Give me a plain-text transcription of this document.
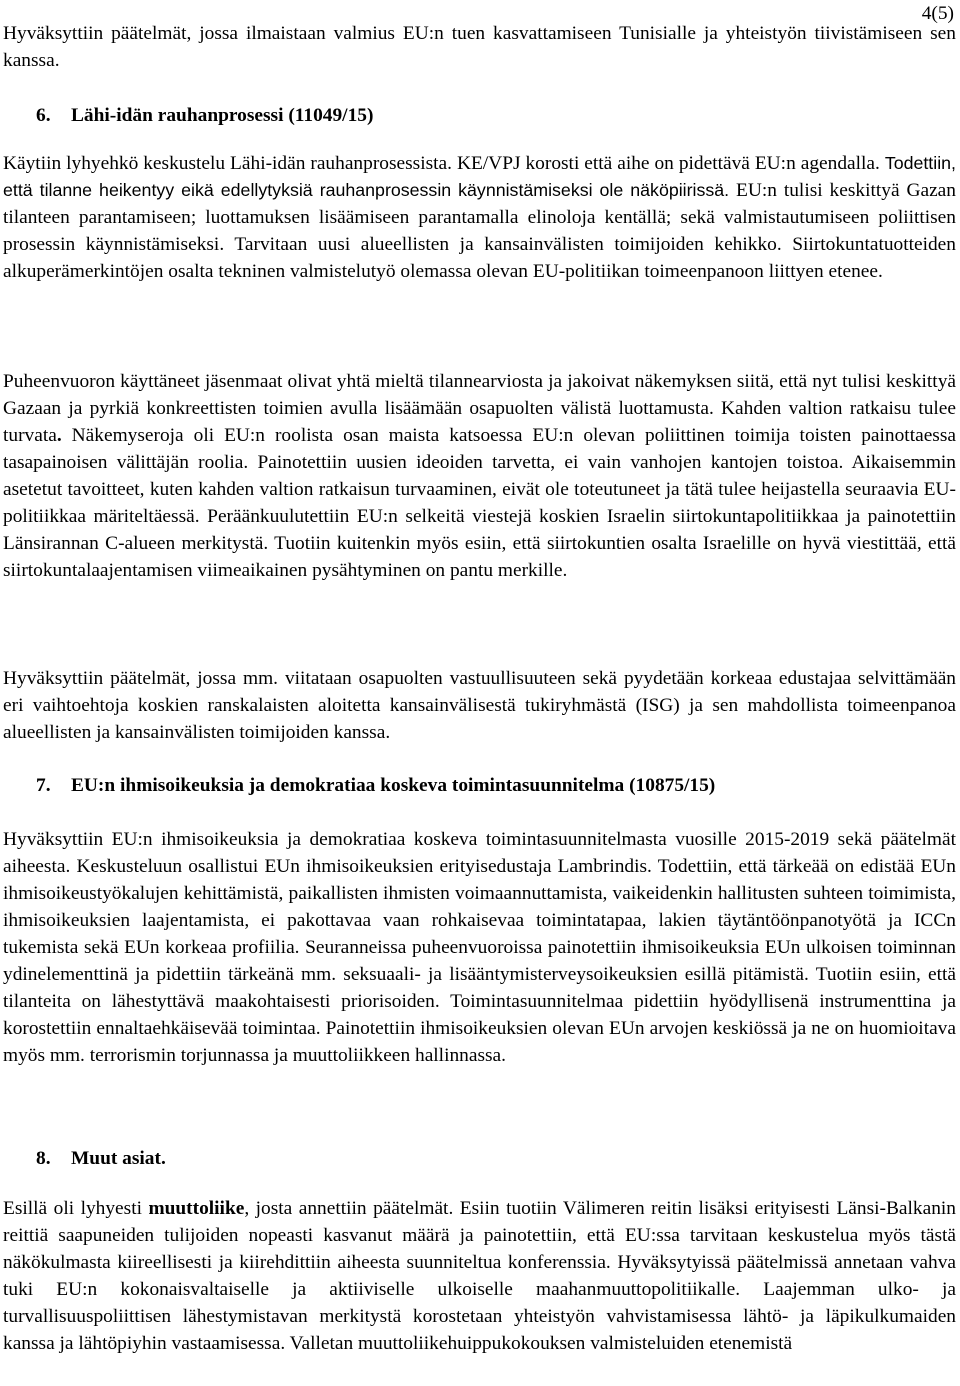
4(5)

Hyväksyttiin päätelmät, jossa ilmaistaan valmius EU:n tuen kasvattamiseen Tunisialle ja yhteistyön tiivistämiseen sen kanssa.

6. Lähi-idän rauhanprosessi (11049/15)

Käytiin lyhyehkö keskustelu Lähi-idän rauhanprosessista. KE/VPJ korosti että aihe on pidettävä EU:n agendalla. Todettiin, että tilanne heikentyy eikä edellytyksiä rauhanprosessin käynnistämiseksi ole näköpiirissä. EU:n tulisi keskittyä Gazan tilanteen parantamiseen; luottamuksen lisäämiseen parantamalla elinoloja kentällä; sekä valmistautumiseen poliittisen prosessin käynnistämiseksi. Tarvitaan uusi alueellisten ja kansainvälisten toimijoiden kehikko. Siirtokuntatuotteiden alkuperämerkintöjen osalta tekninen valmistelutyö olemassa olevan EU-politiikan toimeenpanoon liittyen etenee.

Puheenvuoron käyttäneet jäsenmaat olivat yhtä mieltä tilannearviosta ja jakoivat näkemyksen siitä, että nyt tulisi keskittyä Gazaan ja pyrkiä konkreettisten toimien avulla lisäämään osapuolten välistä luottamusta. Kahden valtion ratkaisu tulee turvata. Näkemyseroja oli EU:n roolista osan maista katsoessa EU:n olevan poliittinen toimija toisten painottaessa tasapainoisen välittäjän roolia. Painotettiin uusien ideoiden tarvetta, ei vain vanhojen kantojen toistoa. Aikaisemmin asetetut tavoitteet, kuten kahden valtion ratkaisun turvaaminen, eivät ole toteutuneet ja tätä tulee heijastella seuraavia EU-politiikkaa märiteltäessä. Peräänkuulutettiin EU:n selkeitä viestejä koskien Israelin siirtokuntapolitiikkaa ja painotettiin Länsirannan C-alueen merkitystä. Tuotiin kuitenkin myös esiin, että siirtokuntien osalta Israelille on hyvä viestittää, että siirtokuntalaajentamisen viimeaikainen pysähtyminen on pantu merkille.

Hyväksyttiin päätelmät, jossa mm. viitataan osapuolten vastuullisuuteen sekä pyydetään korkeaa edustajaa selvittämään eri vaihtoehtoja koskien ranskalaisten aloitetta kansainvälisestä tukiryhmästä (ISG) ja sen mahdollista toimeenpanoa alueellisten ja kansainvälisten toimijoiden kanssa.

7. EU:n ihmisoikeuksia ja demokratiaa koskeva toimintasuunnitelma (10875/15)

Hyväksyttiin EU:n ihmisoikeuksia ja demokratiaa koskeva toimintasuunnitelmasta vuosille 2015-2019 sekä päätelmät aiheesta. Keskusteluun osallistui EUn ihmisoikeuksien erityisedustaja Lambrindis. Todettiin, että tärkeää on edistää EUn ihmisoikeustyökalujen kehittämistä, paikallisten ihmisten voimaannuttamista, vaikeidenkin hallitusten suhteen toimimista, ihmisoikeuksien laajentamista, ei pakottavaa vaan rohkaisevaa toimintatapaa, lakien täytäntöönpanotyötä ja ICCn tukemista sekä EUn korkeaa profiilia. Seuranneissa puheenvuoroissa painotettiin ihmisoikeuksia EUn ulkoisen toiminnan ydinelementtinä ja pidettiin tärkeänä mm. seksuaali- ja lisääntymisterveysoikeuksien esillä pitämistä. Tuotiin esiin, että tilanteita on lähestyttävä maakohtaisesti priorisoiden. Toimintasuunnitelmaa pidettiin hyödyllisenä instrumenttina ja korostettiin ennaltaehkäisevää toimintaa. Painotettiin ihmisoikeuksien olevan EUn arvojen keskiössä ja ne on huomioitava myös mm. terrorismin torjunnassa ja muuttoliikkeen hallinnassa.

8. Muut asiat.

Esillä oli lyhyesti muuttoliike, josta annettiin päätelmät. Esiin tuotiin Välimeren reitin lisäksi erityisesti Länsi-Balkanin reittiä saapuneiden tulijoiden nopeasti kasvanut määrä ja painotettiin, että EU:ssa tarvitaan keskustelua myös tästä näkökulmasta kiireellisesti ja kiirehdittiin aiheesta suunniteltua konferenssia. Hyväksytyissä päätelmissä annetaan vahva tuki EU:n kokonaisvaltaiselle ja aktiiviselle ulkoiselle maahanmuuttopolitiikalle. Laajemman ulko- ja turvallisuuspoliittisen lähestymistavan merkitystä korostetaan yhteistyön vahvistamisessa lähtö- ja läpikulkumaiden kanssa ja lähtöpiyhin vastaamisessa. Valletan muuttoliikehuippukokouksen valmisteluiden etenemistä
